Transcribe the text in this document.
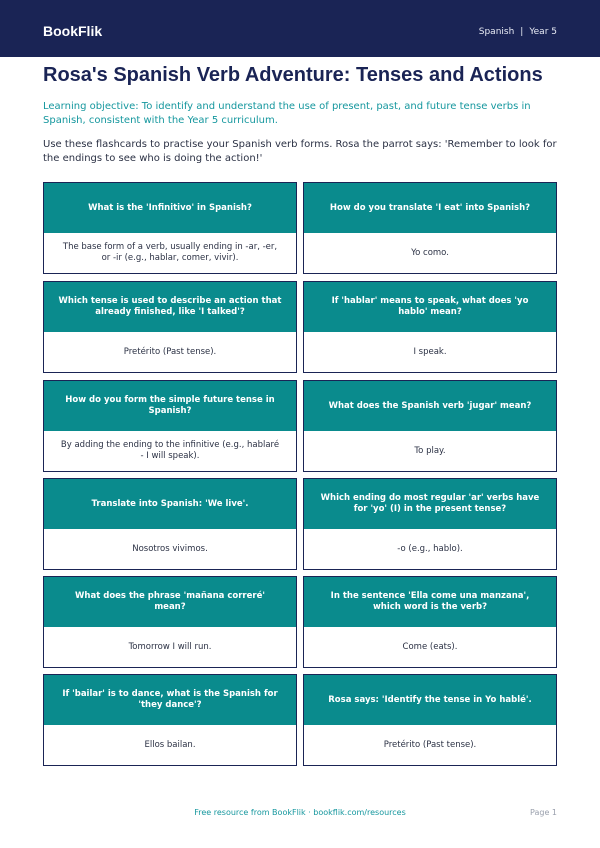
BookFlik	Spanish | Year 5
Rosa's Spanish Verb Adventure: Tenses and Actions

Learning objective: To identify and understand the use of present, past, and future tense verbs in Spanish, consistent with the Year 5 curriculum.

Use these flashcards to practise your Spanish verb forms. Rosa the parrot says: 'Remember to look for the endings to see who is doing the action!'

What is the 'Infinitivo' in Spanish?
The base form of a verb, usually ending in -ar, -er, or -ir (e.g., hablar, comer, vivir).
How do you translate 'I eat' into Spanish?
Yo como.
Which tense is used to describe an action that already finished, like 'I talked'?
Pretérito (Past tense).
If 'hablar' means to speak, what does 'yo hablo' mean?
I speak.
How do you form the simple future tense in Spanish?
By adding the ending to the infinitive (e.g., hablaré - I will speak).
What does the Spanish verb 'jugar' mean?
To play.
Translate into Spanish: 'We live'.
Nosotros vivimos.
Which ending do most regular 'ar' verbs have for 'yo' (I) in the present tense?
-o (e.g., hablo).
What does the phrase 'mañana correré' mean?
Tomorrow I will run.
In the sentence 'Ella come una manzana', which word is the verb?
Come (eats).
If 'bailar' is to dance, what is the Spanish for 'they dance'?
Ellos bailan.
Rosa says: 'Identify the tense in Yo hablé'.
Pretérito (Past tense).
Free resource from BookFlik · bookflik.com/resources	Page 1
